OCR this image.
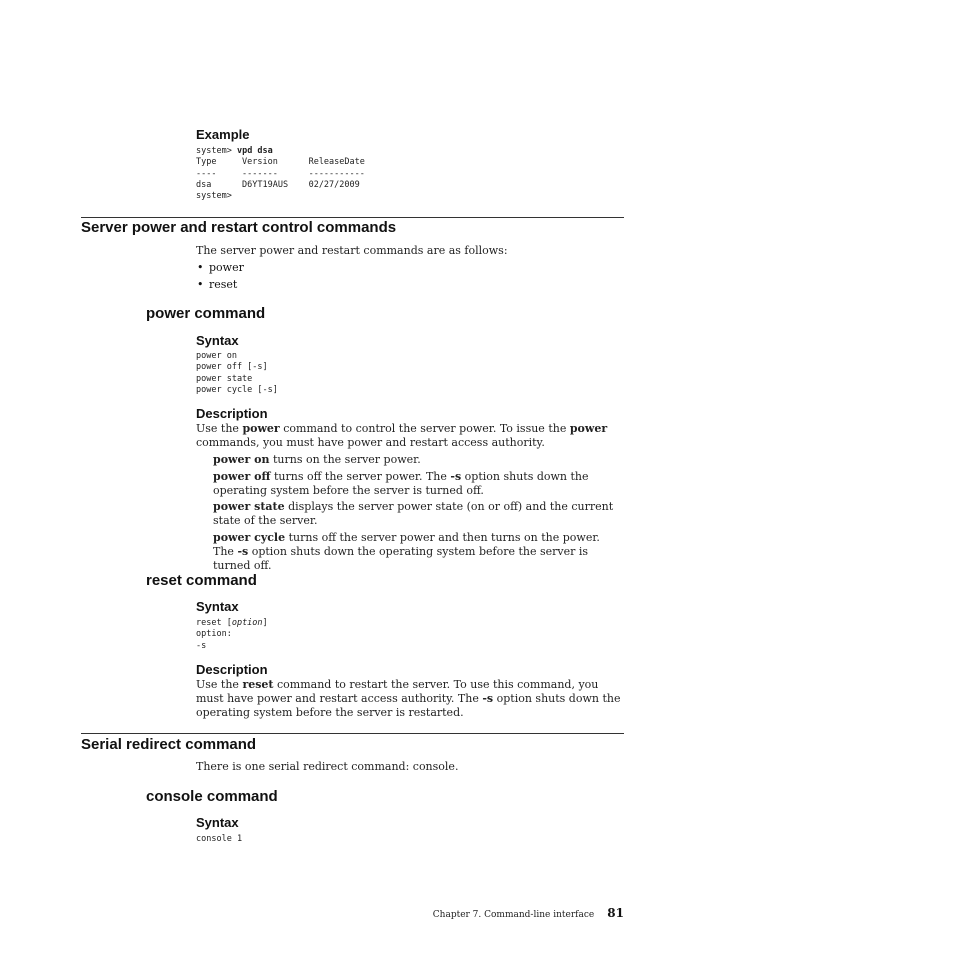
Example
system> vpd dsa
Type     Version      ReleaseDate
----     -------      -----------
dsa      D6YT19AUS    02/27/2009
system>
Server power and restart control commands
The server power and restart commands are as follows:
• power
• reset
power command
Syntax
power on
power off [-s]
power state
power cycle [-s]
Description
Use the power command to control the server power. To issue the power commands, you must have power and restart access authority.
power on turns on the server power.
power off turns off the server power. The -s option shuts down the operating system before the server is turned off.
power state displays the server power state (on or off) and the current state of the server.
power cycle turns off the server power and then turns on the power. The -s option shuts down the operating system before the server is turned off.
reset command
Syntax
reset [option]
option:
-s
Description
Use the reset command to restart the server. To use this command, you must have power and restart access authority. The -s option shuts down the operating system before the server is restarted.
Serial redirect command
There is one serial redirect command: console.
console command
Syntax
console 1
Chapter 7. Command-line interface 81
